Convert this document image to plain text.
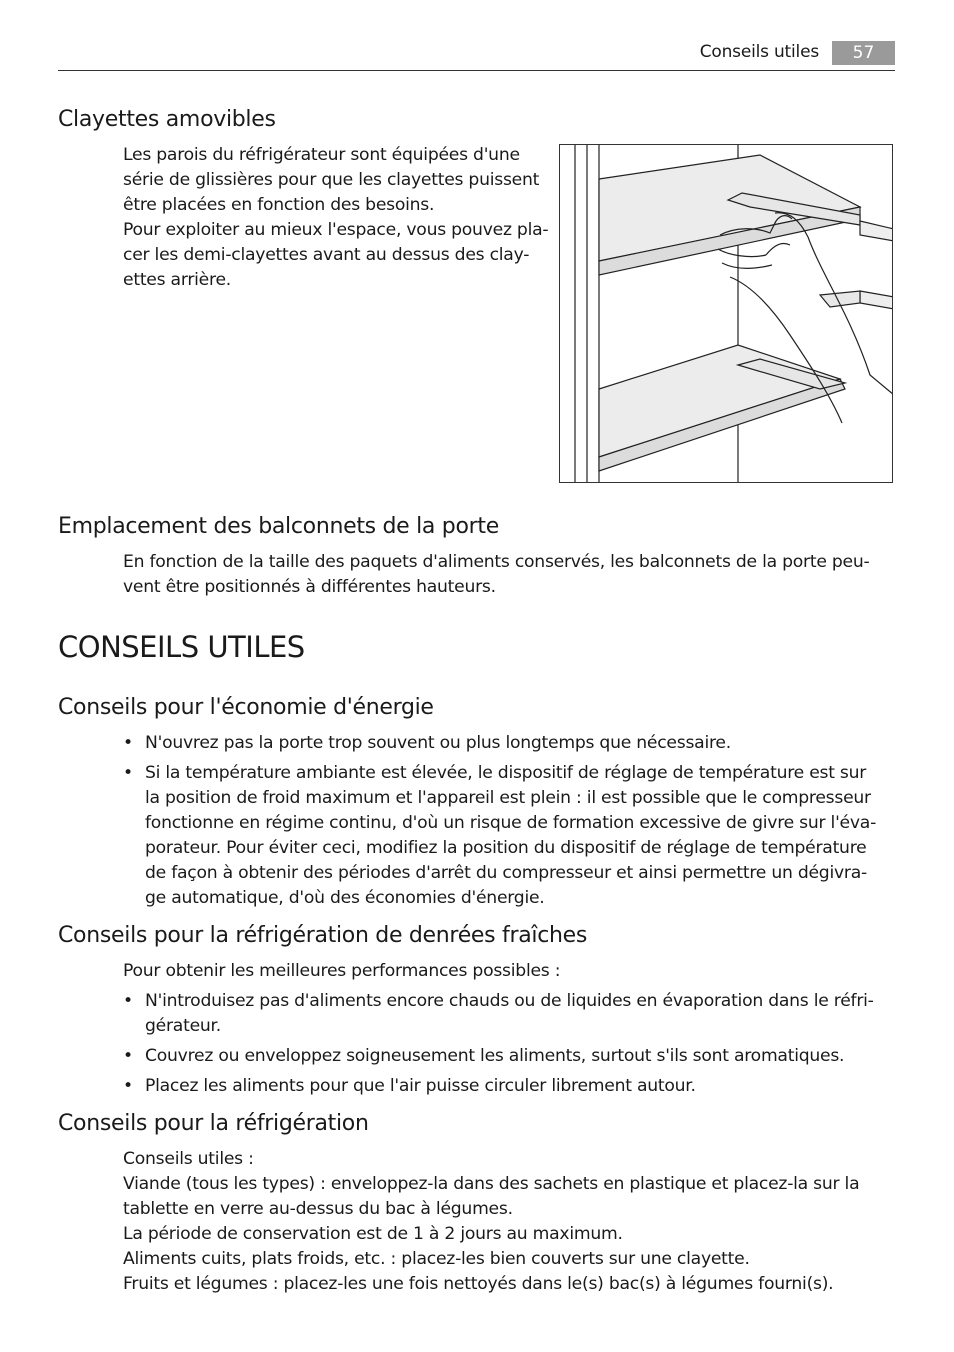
Conseils utiles	57
Clayettes amovibles
Les parois du réfrigérateur sont équipées d'une
série de glissières pour que les clayettes puissent
être placées en fonction des besoins.
Pour exploiter au mieux l'espace, vous pouvez pla-
cer les demi-clayettes avant au dessus des clay-
ettes arrière.
Emplacement des balconnets de la porte
En fonction de la taille des paquets d'aliments conservés, les balconnets de la porte peu-
vent être positionnés à différentes hauteurs.
CONSEILS UTILES
Conseils pour l'économie d'énergie
• N'ouvrez pas la porte trop souvent ou plus longtemps que nécessaire.
• Si la température ambiante est élevée, le dispositif de réglage de température est sur
la position de froid maximum et l'appareil est plein : il est possible que le compresseur
fonctionne en régime continu, d'où un risque de formation excessive de givre sur l'éva-
porateur. Pour éviter ceci, modifiez la position du dispositif de réglage de température
de façon à obtenir des périodes d'arrêt du compresseur et ainsi permettre un dégivra-
ge automatique, d'où des économies d'énergie.
Conseils pour la réfrigération de denrées fraîches
Pour obtenir les meilleures performances possibles :
• N'introduisez pas d'aliments encore chauds ou de liquides en évaporation dans le réfri-
gérateur.
• Couvrez ou enveloppez soigneusement les aliments, surtout s'ils sont aromatiques.
• Placez les aliments pour que l'air puisse circuler librement autour.
Conseils pour la réfrigération
Conseils utiles :
Viande (tous les types) : enveloppez-la dans des sachets en plastique et placez-la sur la
tablette en verre au-dessus du bac à légumes.
La période de conservation est de 1 à 2 jours au maximum.
Aliments cuits, plats froids, etc. : placez-les bien couverts sur une clayette.
Fruits et légumes : placez-les une fois nettoyés dans le(s) bac(s) à légumes fourni(s).
